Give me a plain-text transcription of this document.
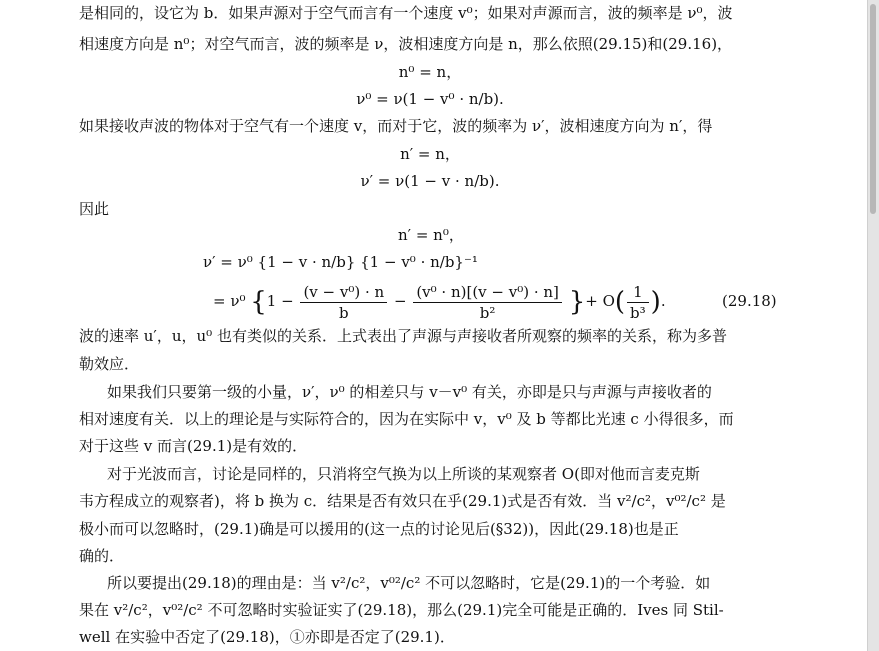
是相同的，设它为 b．如果声源对于空气而言有一个速度 v⁰；如果对声源而言，波的频率是 ν⁰，波
相速度方向是 n⁰；对空气而言，波的频率是 ν，波相速度方向是 n，那么依照(29.15)和(29.16)，
n⁰ = n，
ν⁰ = ν(1 − v⁰ · n/b).
如果接收声波的物体对于空气有一个速度 v，而对于它，波的频率为 ν′，波相速度方向为 n′，得
n′ = n，
ν′ = ν(1 − v · n/b).
因此
n′ = n⁰，
ν′ = ν⁰ {1 − v · n/b} {1 − v⁰ · n/b}⁻¹
= ν⁰ {$1 - \frac{\text{(v − v⁰) · n}}{b} - \frac{\text{(v⁰ · n)[(v − v⁰) · n]}}{\text{b²}}$ }+ $O( \frac{1}{\text{b³}}$ ).	(29.18)
波的速率 u′，u，u⁰ 也有类似的关系．上式表出了声源与声接收者所观察的频率的关系，称为多普
勒效应．
如果我们只要第一级的小量，ν′，ν⁰ 的相差只与 v－v⁰ 有关，亦即是只与声源与声接收者的
相对速度有关．以上的理论是与实际符合的，因为在实际中 v，v⁰ 及 b 等都比光速 c 小得很多，而
对于这些 v 而言(29.1)是有效的．
对于光波而言，讨论是同样的，只消将空气换为以上所谈的某观察者 O(即对他而言麦克斯
韦方程成立的观察者)，将 b 换为 c．结果是否有效只在乎(29.1)式是否有效．当 v²/c²，v⁰²/c² 是
极小而可以忽略时，(29.1)确是可以援用的(这一点的讨论见后(§32))，因此(29.18)也是正
确的．
所以要提出(29.18)的理由是：当 v²/c²，v⁰²/c² 不可以忽略时，它是(29.1)的一个考验．如
果在 v²/c²，v⁰²/c² 不可忽略时实验证实了(29.18)，那么(29.1)完全可能是正确的．Ives 同 Stil-
well 在实验中否定了(29.18)，①亦即是否定了(29.1)．
